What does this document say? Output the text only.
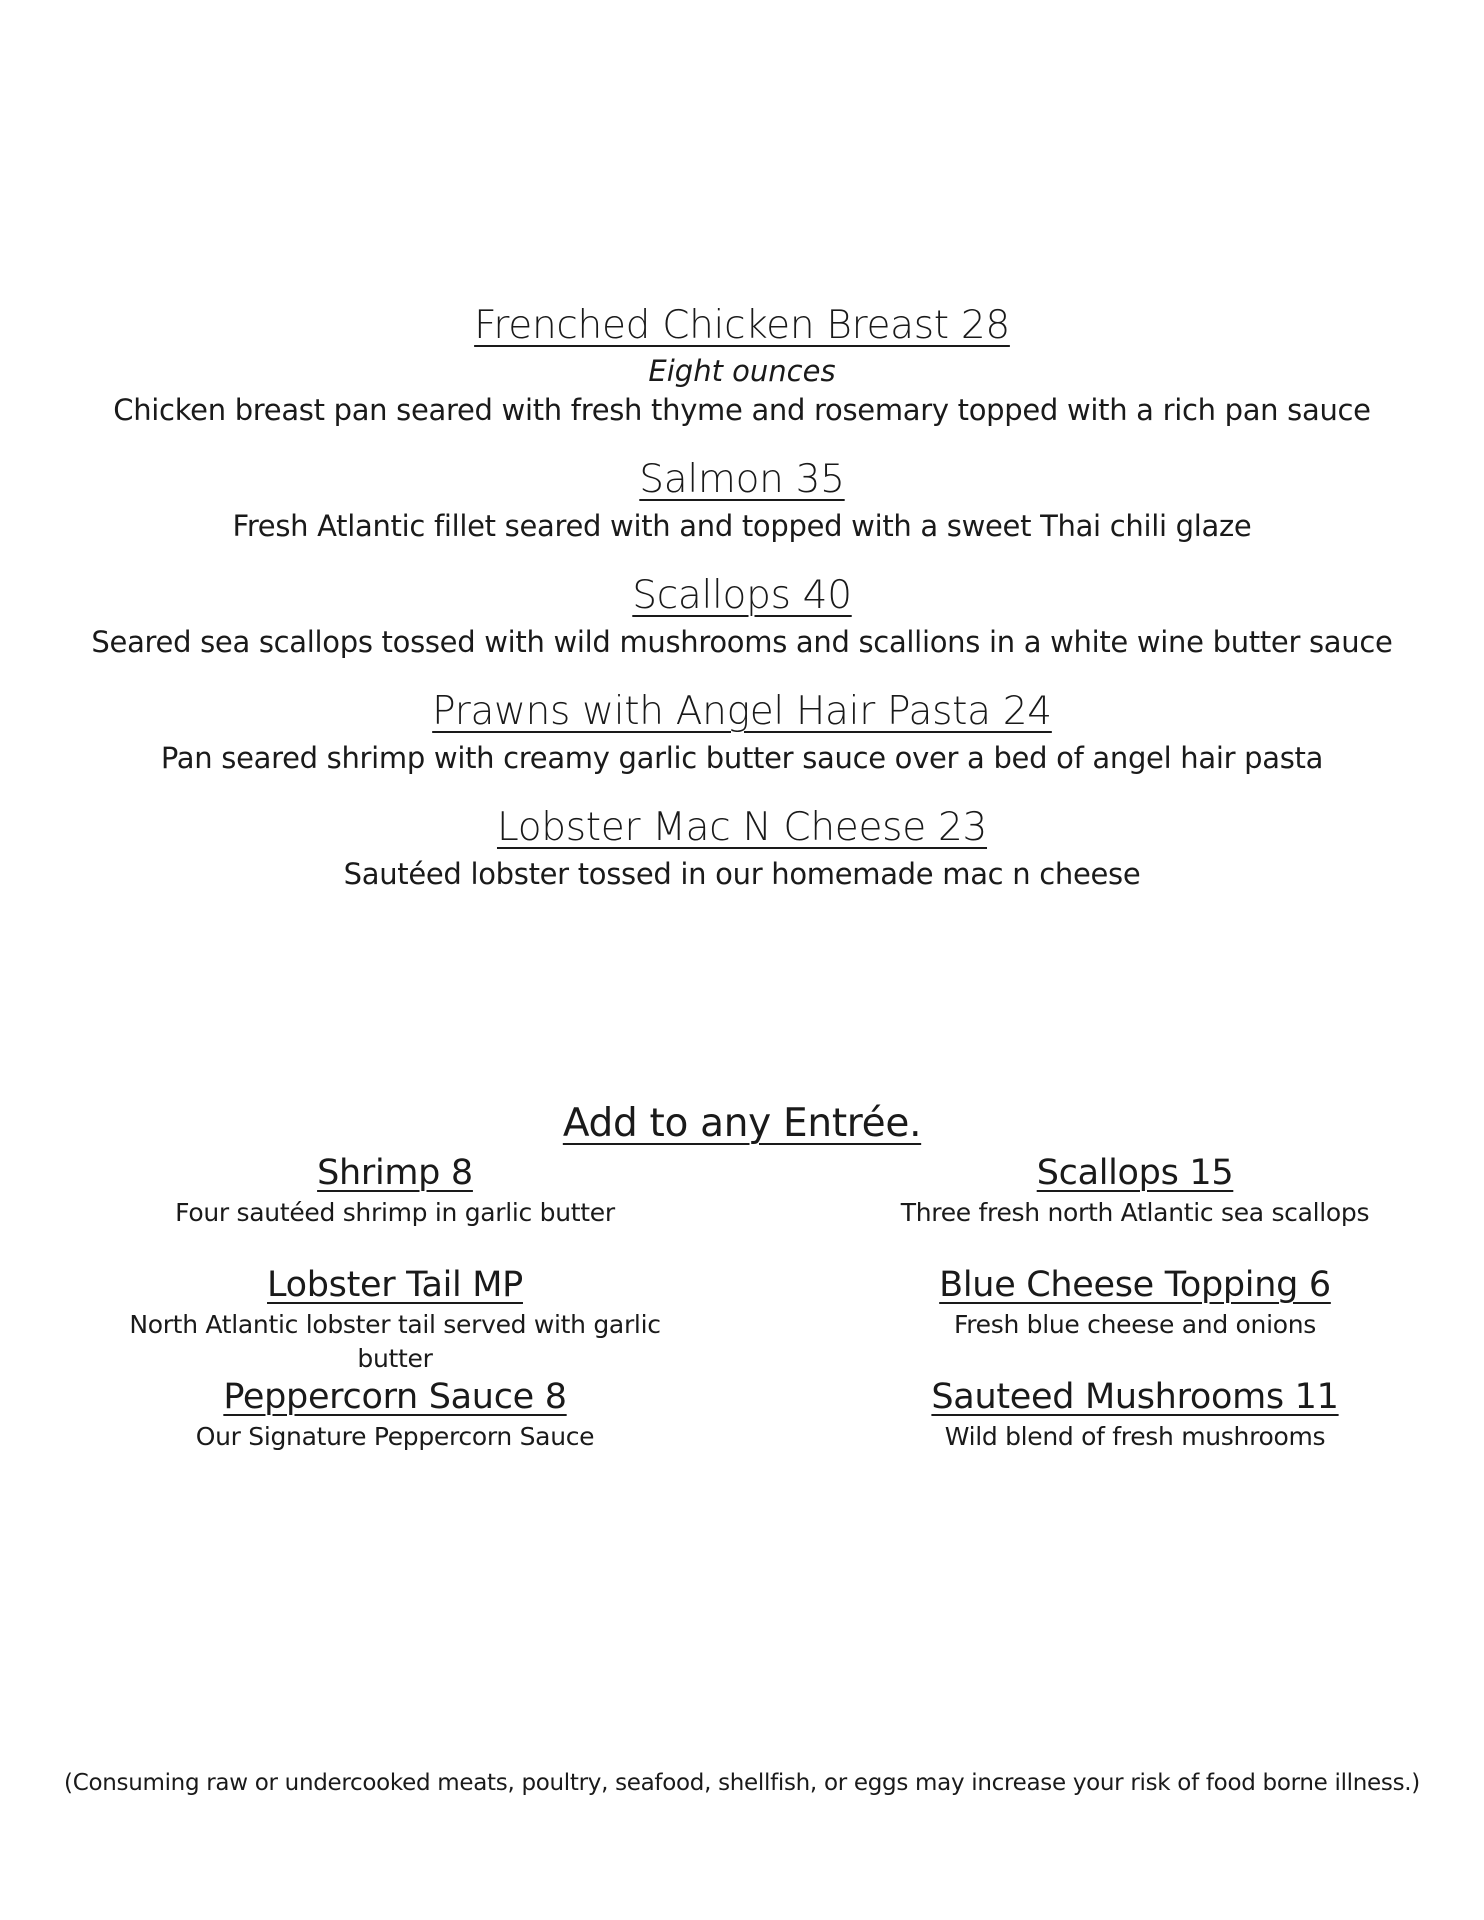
Frenched Chicken Breast 28
Eight ounces
Chicken breast pan seared with fresh thyme and rosemary topped with a rich pan sauce
Salmon 35
Fresh Atlantic fillet seared with and topped with a sweet Thai chili glaze
Scallops 40
Seared sea scallops tossed with wild mushrooms and scallions in a white wine butter sauce
Prawns with Angel Hair Pasta 24
Pan seared shrimp with creamy garlic butter sauce over a bed of angel hair pasta
Lobster Mac N Cheese 23
Sautéed lobster tossed in our homemade mac n cheese
Add to any Entrée.
Shrimp 8
Four sautéed shrimp in garlic butter
Lobster Tail MP
North Atlantic lobster tail served with garlic butter
Peppercorn Sauce 8
Our Signature Peppercorn Sauce
Scallops 15
Three fresh north Atlantic sea scallops
Blue Cheese Topping 6
Fresh blue cheese and onions
Sauteed Mushrooms 11
Wild blend of fresh mushrooms
(Consuming raw or undercooked meats, poultry, seafood, shellfish, or eggs may increase your risk of food borne illness.)
